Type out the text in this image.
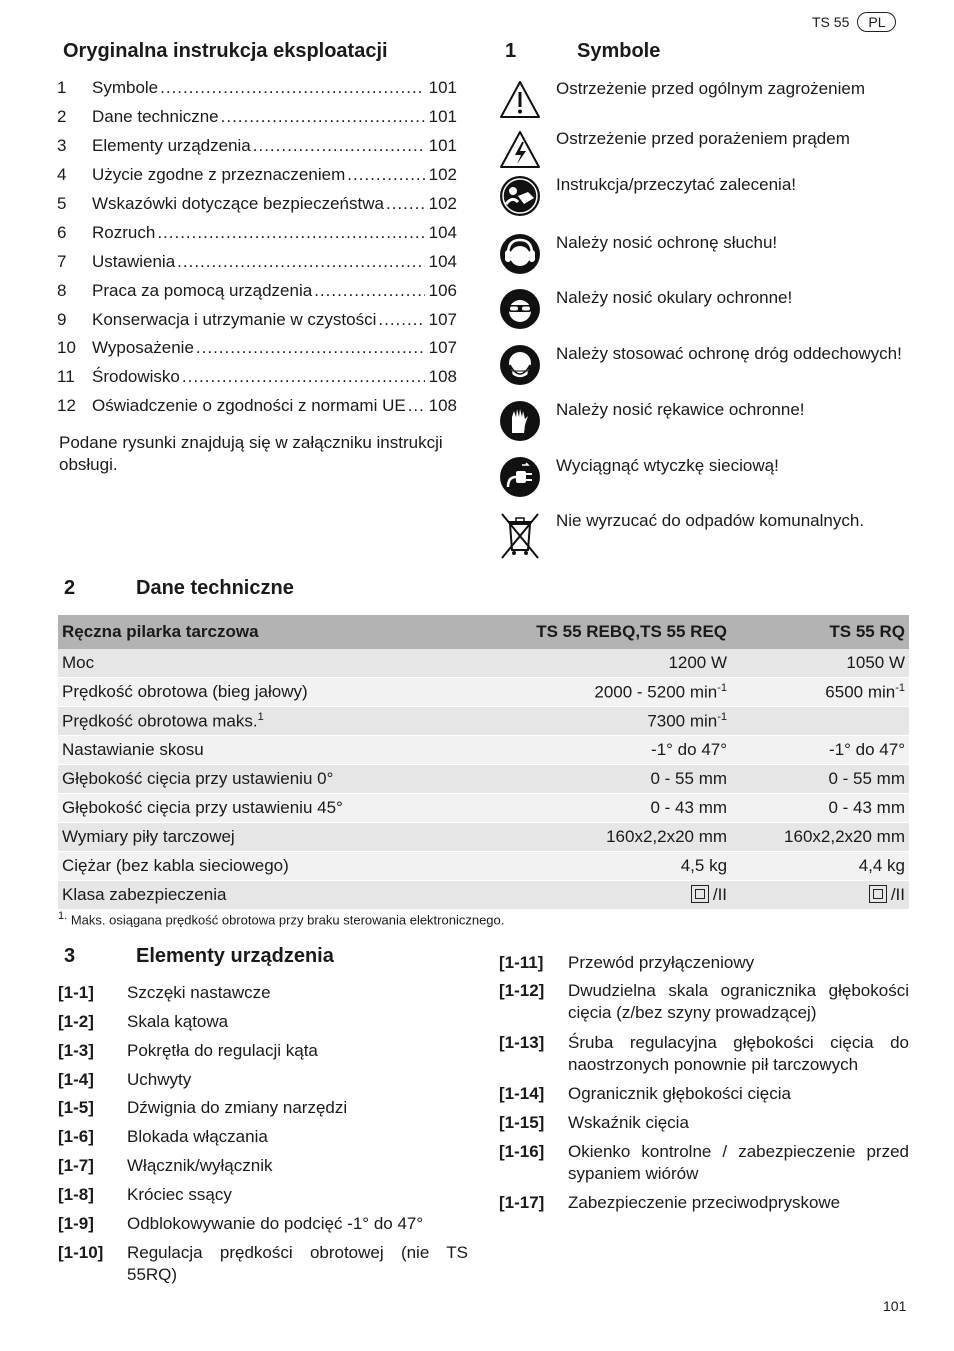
TS 55	PL
Oryginalna instrukcja eksploatacji
1	Symbole .....	101
2	Dane techniczne .....	101
3	Elementy urządzenia .....	101
4	Użycie zgodne z przeznaczeniem .....	102
5	Wskazówki dotyczące bezpieczeństwa .....	102
6	Rozruch .....	104
7	Ustawienia .....	104
8	Praca za pomocą urządzenia .....	106
9	Konserwacja i utrzymanie w czystości .....	107
10 Wyposażenie .....	107
11	Środowisko .....	108
12 Oświadczenie o zgodności z normami UE ..... 108
Podane rysunki znajdują się w załączniku instrukcji obsługi.
1	Symbole
Ostrzeżenie przed ogólnym zagrożeniem
Ostrzeżenie przed porażeniem prądem
Instrukcja/przeczytać zalecenia!
Należy nosić ochronę słuchu!
Należy nosić okulary ochronne!
Należy stosować ochronę dróg oddechowych!
Należy nosić rękawice ochronne!
Wyciągnąć wtyczkę sieciową!
Nie wyrzucać do odpadów komunalnych.
2	Dane techniczne
Ręczna pilarka tarczowa	TS 55 REBQ,TS 55 REQ	TS 55 RQ
Moc	1200 W	1050 W
Prędkość obrotowa (bieg jałowy)	2000 - 5200 $\min^{-1}$	6500 $\min^{-1}$
Prędkość obrotowa maks.$^1$	7300 $\min^{-1}$	
Nastawianie skosu	-1° do 47°	-1° do 47°
Głębokość cięcia przy ustawieniu 0°	0 - 55 mm	0 - 55 mm
Głębokość cięcia przy ustawieniu 45°	0 - 43 mm	0 - 43 mm
Wymiary piły tarczowej	160x2,2x20 mm	160x2,2x20 mm
Ciężar (bez kabla sieciowego)	4,5 kg	4,4 kg
Klasa zabezpieczenia	/II	/II
$^{1.}$ Maks. osiągana prędkość obrotowa przy braku sterowania elektronicznego.
3	Elementy urządzenia
[1-1]	Szczęki nastawcze
[1-2]	Skala kątowa
[1-3]	Pokrętła do regulacji kąta
[1-4]	Uchwyty
[1-5]	Dźwignia do zmiany narzędzi
[1-6]	Blokada włączania
[1-7]	Włącznik/wyłącznik
[1-8]	Króciec ssący
[1-9]	Odblokowywanie do podcięć -1° do 47°
[1-10]	Regulacja prędkości obrotowej (nie TS 55RQ)
[1-11]	Przewód przyłączeniowy
[1-12]	Dwudzielna skala ogranicznika głębokości cięcia (z/bez szyny prowadzącej)
[1-13]	Śruba regulacyjna głębokości cięcia do naostrzonych ponownie pił tarczowych
[1-14]	Ogranicznik głębokości cięcia
[1-15]	Wskaźnik cięcia
[1-16]	Okienko kontrolne / zabezpieczenie przed sypaniem wiórów
[1-17]	Zabezpieczenie przeciwodpryskowe
101
